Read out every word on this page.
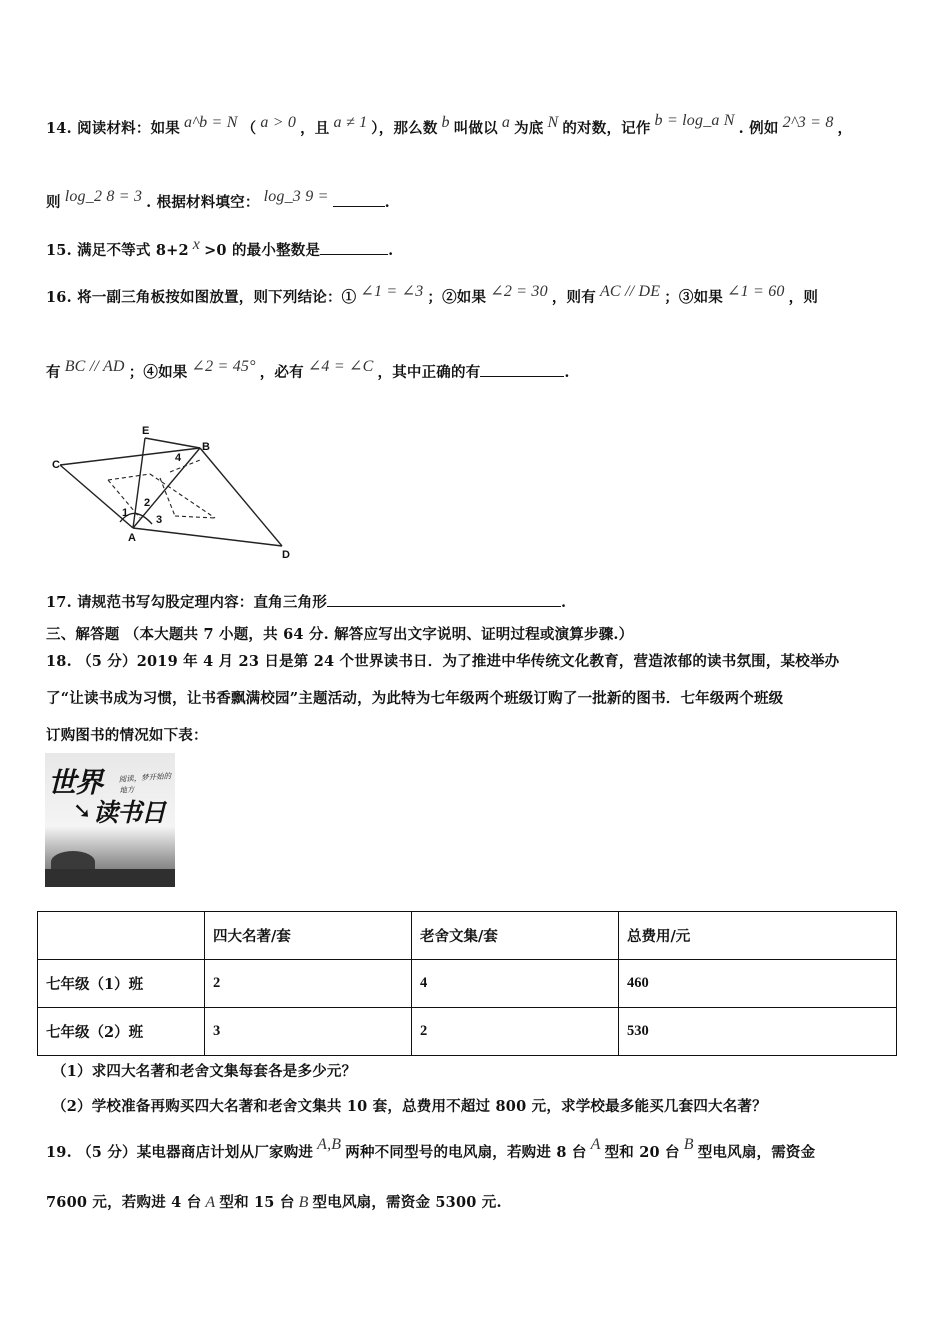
14. 阅读材料：如果 a^b = N （ a > 0 ，且 a ≠ 1 ），那么数 b 叫做以 a 为底 N 的对数，记作 b = log_a N . 例如 2^3 = 8 ，
则 log_2 8 = 3 . 根据材料填空： log_3 9 =	.
15. 满足不等式 8+2 x >0 的最小整数是	.
16. 将一副三角板按如图放置，则下列结论：① ∠1 = ∠3 ；②如果 ∠2 = 30 ，则有 AC // DE ；③如果 ∠1 = 60 ，则
有 BC // AD ；④如果 ∠2 = 45° ，必有 ∠4 = ∠C ，其中正确的有	.
E
B
C
4
1
2
3
A
D
17. 请规范书写勾股定理内容：直角三角形	.
三、解答题 （本大题共 7 小题，共 64 分. 解答应写出文字说明、证明过程或演算步骤.）
18. （5 分）2019 年 4 月 23 日是第 24 个世界读书日．为了推进中华传统文化教育，营造浓郁的读书氛围，某校举办
了“让读书成为习惯，让书香飘满校园”主题活动，为此特为七年级两个班级订购了一批新的图书．七年级两个班级
订购图书的情况如下表：
世界 阅读，梦开始的地方
➘ 读书日
	四大名著/套	老舍文集/套	总费用/元
七年级（1）班	2	4	460
七年级（2）班	3	2	530
（1）求四大名著和老舍文集每套各是多少元？
（2）学校准备再购买四大名著和老舍文集共 10 套，总费用不超过 800 元，求学校最多能买几套四大名著？
19. （5 分）某电器商店计划从厂家购进 A,B 两种不同型号的电风扇，若购进 8 台 A 型和 20 台 B 型电风扇，需资金
7600 元，若购进 4 台 A 型和 15 台 B 型电风扇，需资金 5300 元.
